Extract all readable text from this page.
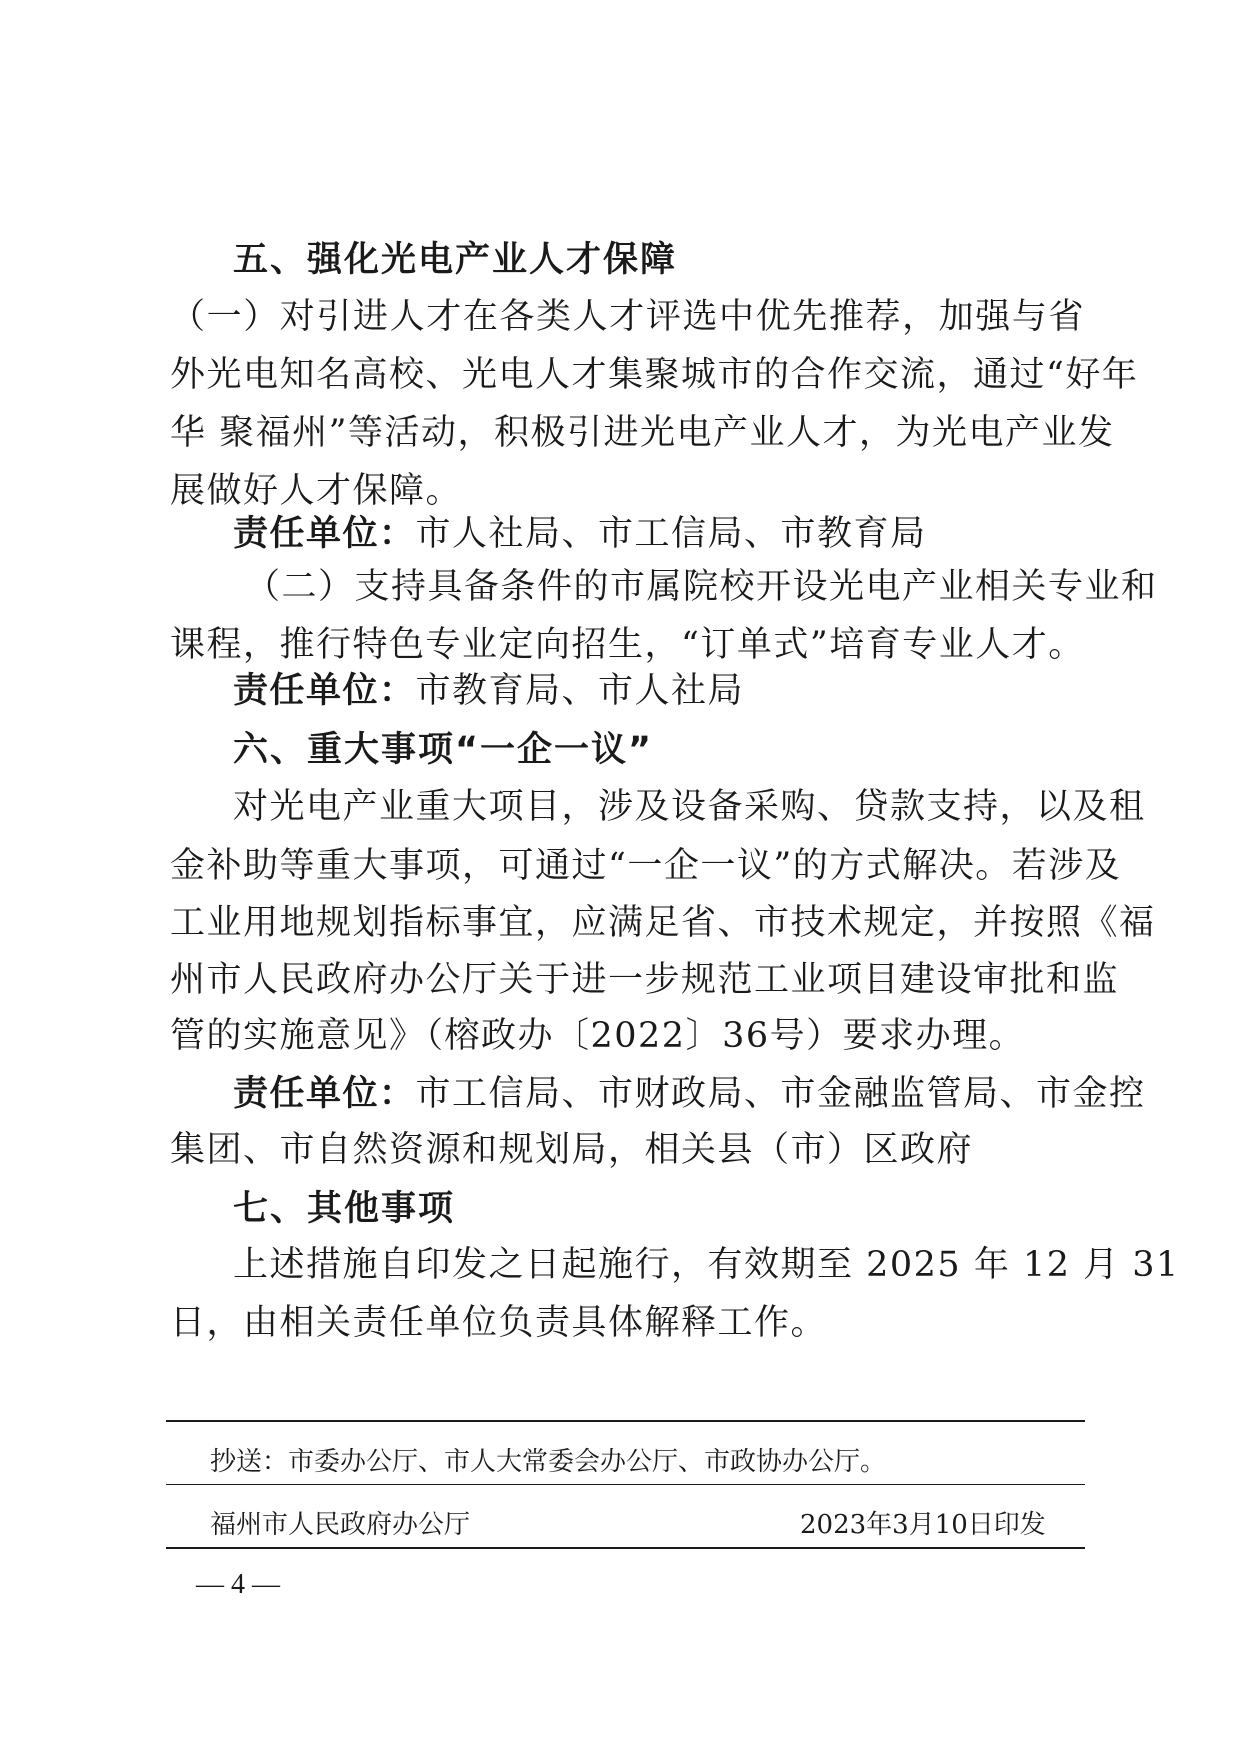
五、强化光电产业人才保障

（一）对引进人才在各类人才评选中优先推荐，加强与省

外光电知名高校、光电人才集聚城市的合作交流，通过“好年

华 聚福州”等活动，积极引进光电产业人才，为光电产业发

展做好人才保障。

责任单位：市人社局、市工信局、市教育局

（二）支持具备条件的市属院校开设光电产业相关专业和

课程，推行特色专业定向招生，“订单式”培育专业人才。

责任单位：市教育局、市人社局

六、重大事项“一企一议”

对光电产业重大项目，涉及设备采购、贷款支持，以及租

金补助等重大事项，可通过“一企一议”的方式解决。若涉及

工业用地规划指标事宜，应满足省、市技术规定，并按照《福

州市人民政府办公厅关于进一步规范工业项目建设审批和监

管的实施意见》（榕政办〔2022〕36号）要求办理。

责任单位：市工信局、市财政局、市金融监管局、市金控

集团、市自然资源和规划局，相关县（市）区政府

七、其他事项

上述措施自印发之日起施行，有效期至 2025 年 12 月 31

日，由相关责任单位负责具体解释工作。

抄送：市委办公厅、市人大常委会办公厅、市政协办公厅。

福州市人民政府办公厅	2023年3月10日印发

— 4 —
